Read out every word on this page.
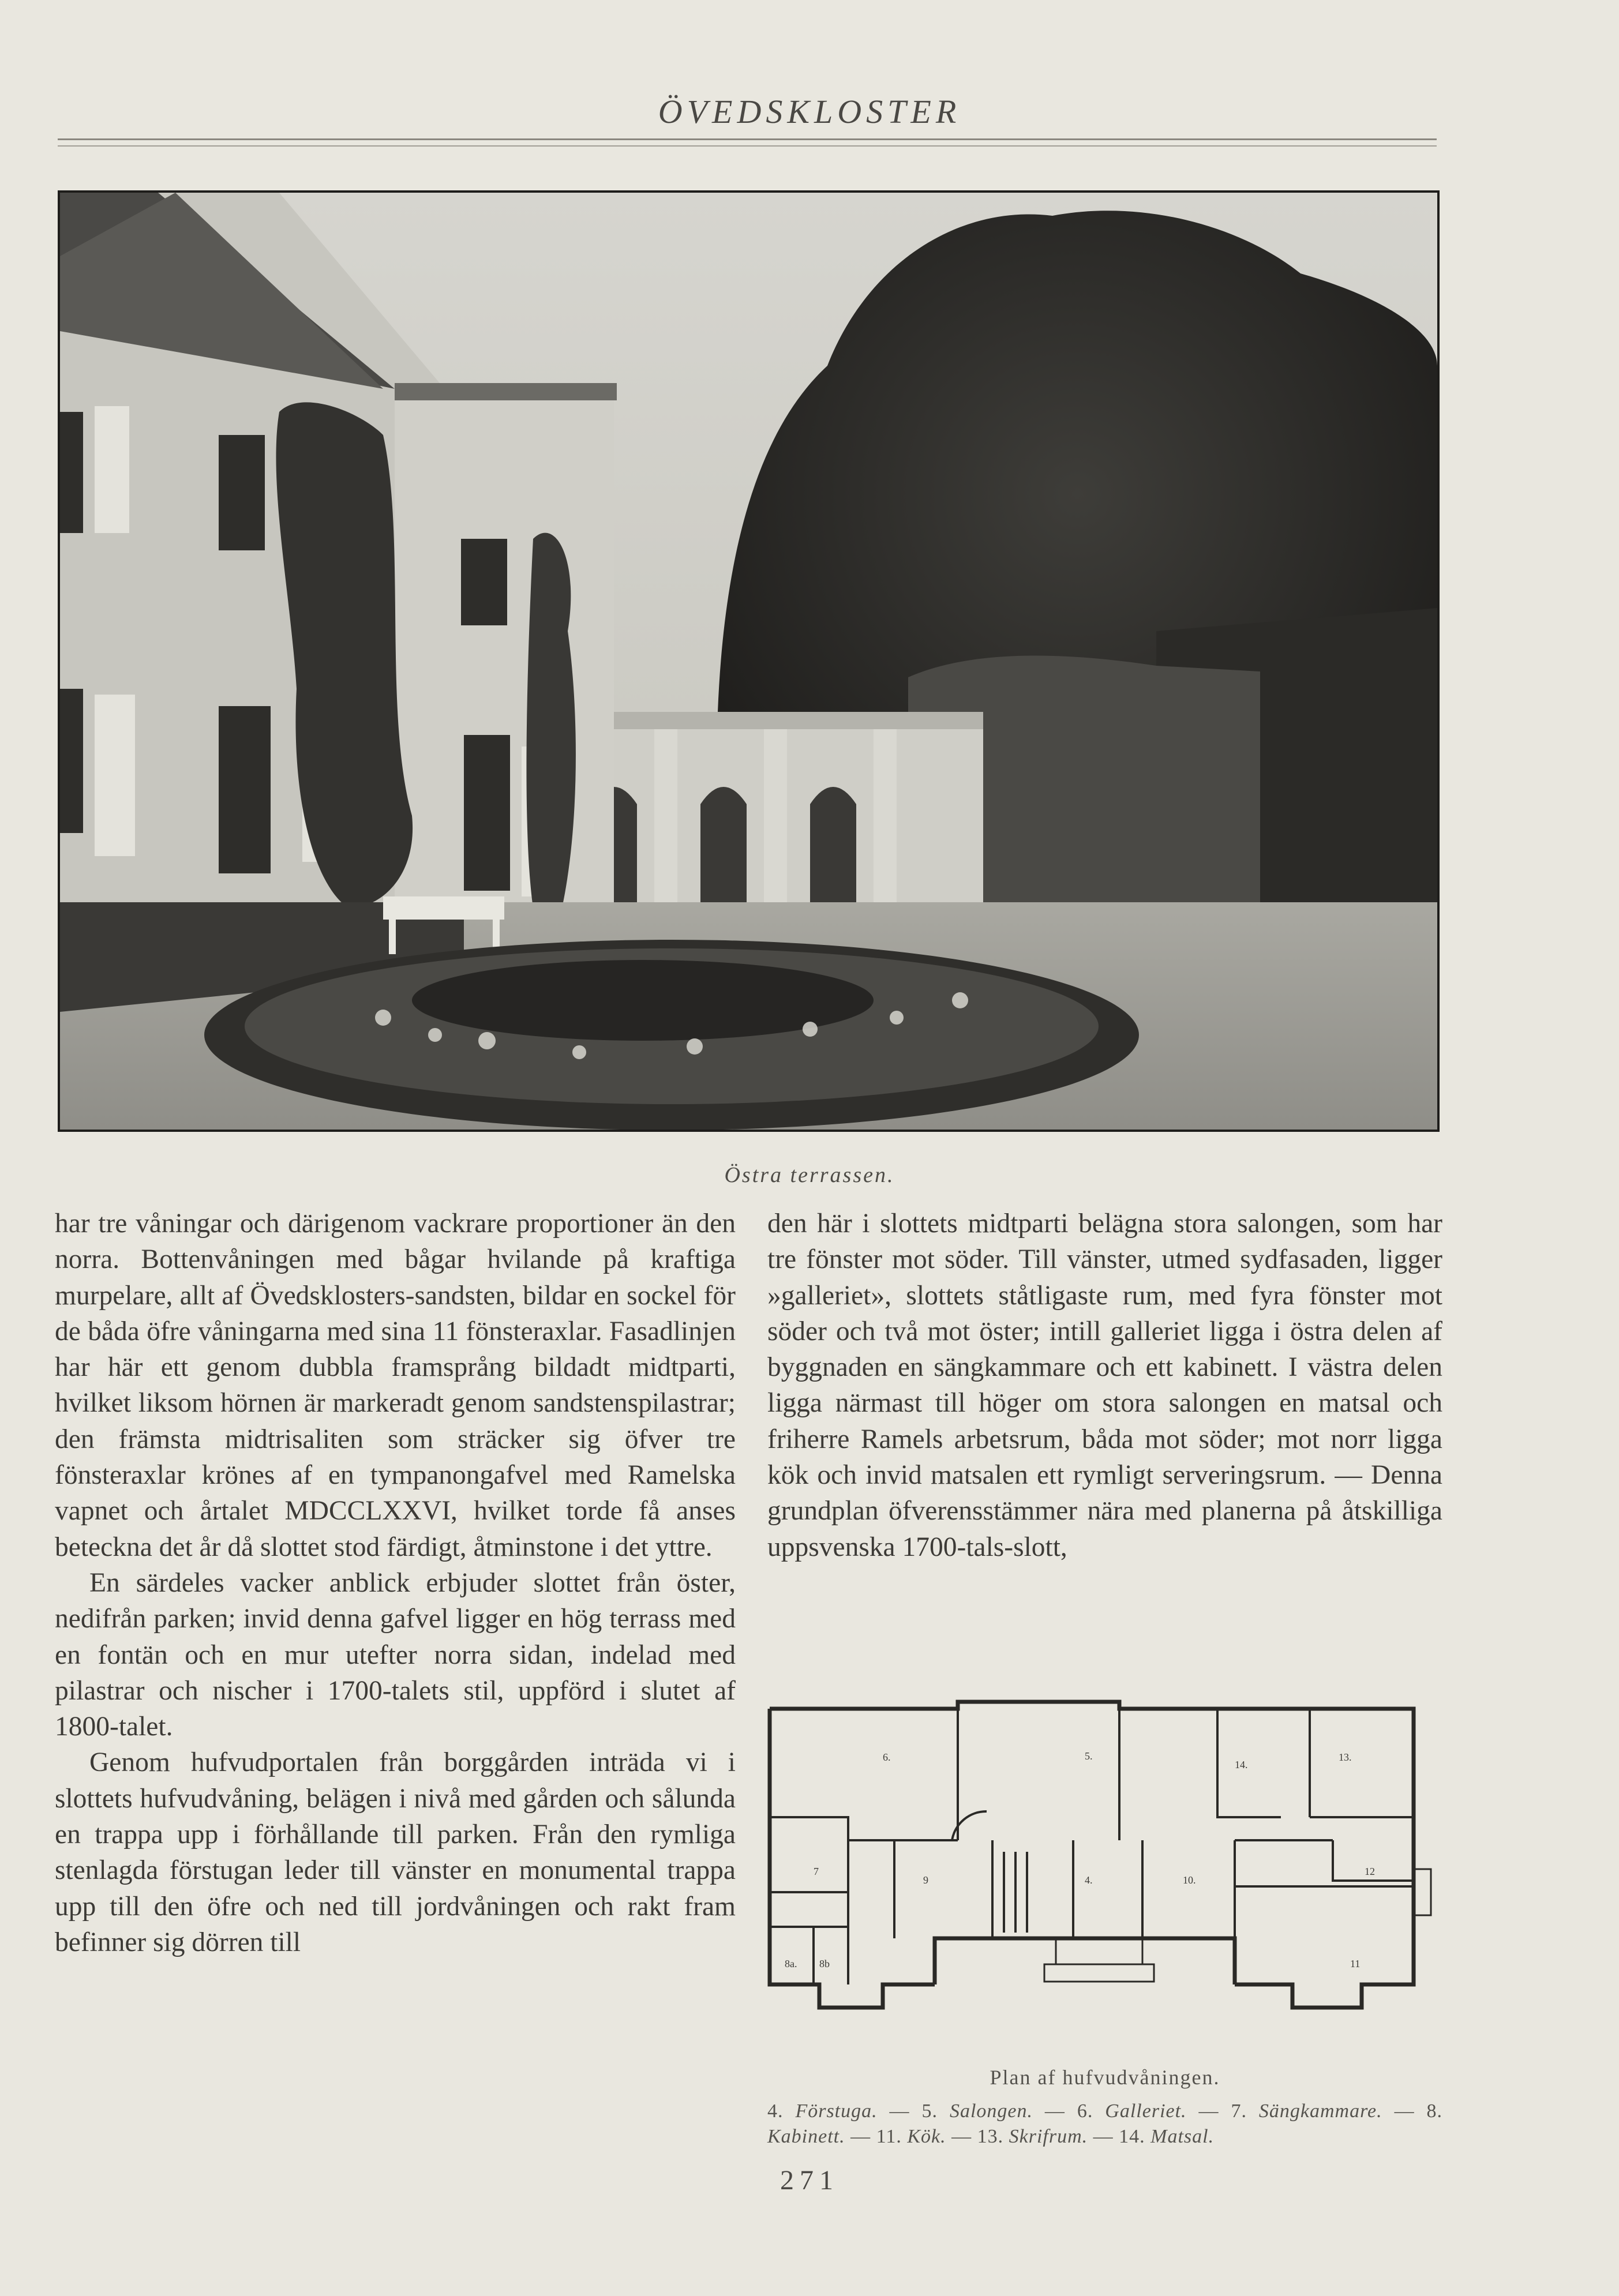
ÖVEDSKLOSTER
Östra terrassen.

har tre våningar och därigenom vackrare proportioner än den norra. Bottenvåningen med bågar hvilande på kraftiga murpelare, allt af Övedsklosters-sandsten, bildar en sockel för de båda öfre våningarna med sina 11 fönsteraxlar. Fasadlinjen har här ett genom dubbla framsprång bildadt midtparti, hvilket liksom hörnen är markeradt genom sandstenspilastrar; den främsta midtrisaliten som sträcker sig öfver tre fönsteraxlar krönes af en tympanongafvel med Ramelska vapnet och årtalet MDCCLXXVI, hvilket torde få anses beteckna det år då slottet stod färdigt, åtminstone i det yttre.

En särdeles vacker anblick erbjuder slottet från öster, nedifrån parken; invid denna gafvel ligger en hög terrass med en fontän och en mur utefter norra sidan, indelad med pilastrar och nischer i 1700-talets stil, uppförd i slutet af 1800-talet.

Genom hufvudportalen från borggården inträda vi i slottets hufvudvåning, belägen i nivå med gården och sålunda en trappa upp i förhållande till parken. Från den rymliga stenlagda förstugan leder till vänster en monumental trappa upp till den öfre och ned till jordvåningen och rakt fram befinner sig dörren till

den här i slottets midtparti belägna stora salongen, som har tre fönster mot söder. Till vänster, utmed sydfasaden, ligger »galleriet», slottets ståtligaste rum, med fyra fönster mot söder och två mot öster; intill galleriet ligga i östra delen af byggnaden en sängkammare och ett kabinett. I västra delen ligga närmast till höger om stora salongen en matsal och friherre Ramels arbetsrum, båda mot söder; mot norr ligga kök och invid matsalen ett rymligt serveringsrum. — Denna grundplan öfverensstämmer nära med planerna på åtskilliga uppsvenska 1700-tals-slott,

6.	5.
14.
13.
7
9	4.	10.
12
8a. 8b	11
Plan af hufvudvåningen.
4. Förstuga. — 5. Salongen. — 6. Galleriet. — 7. Sängkammare. — 8. Kabinett. — 11. Kök. — 13. Skrifrum. — 14. Matsal.
271
